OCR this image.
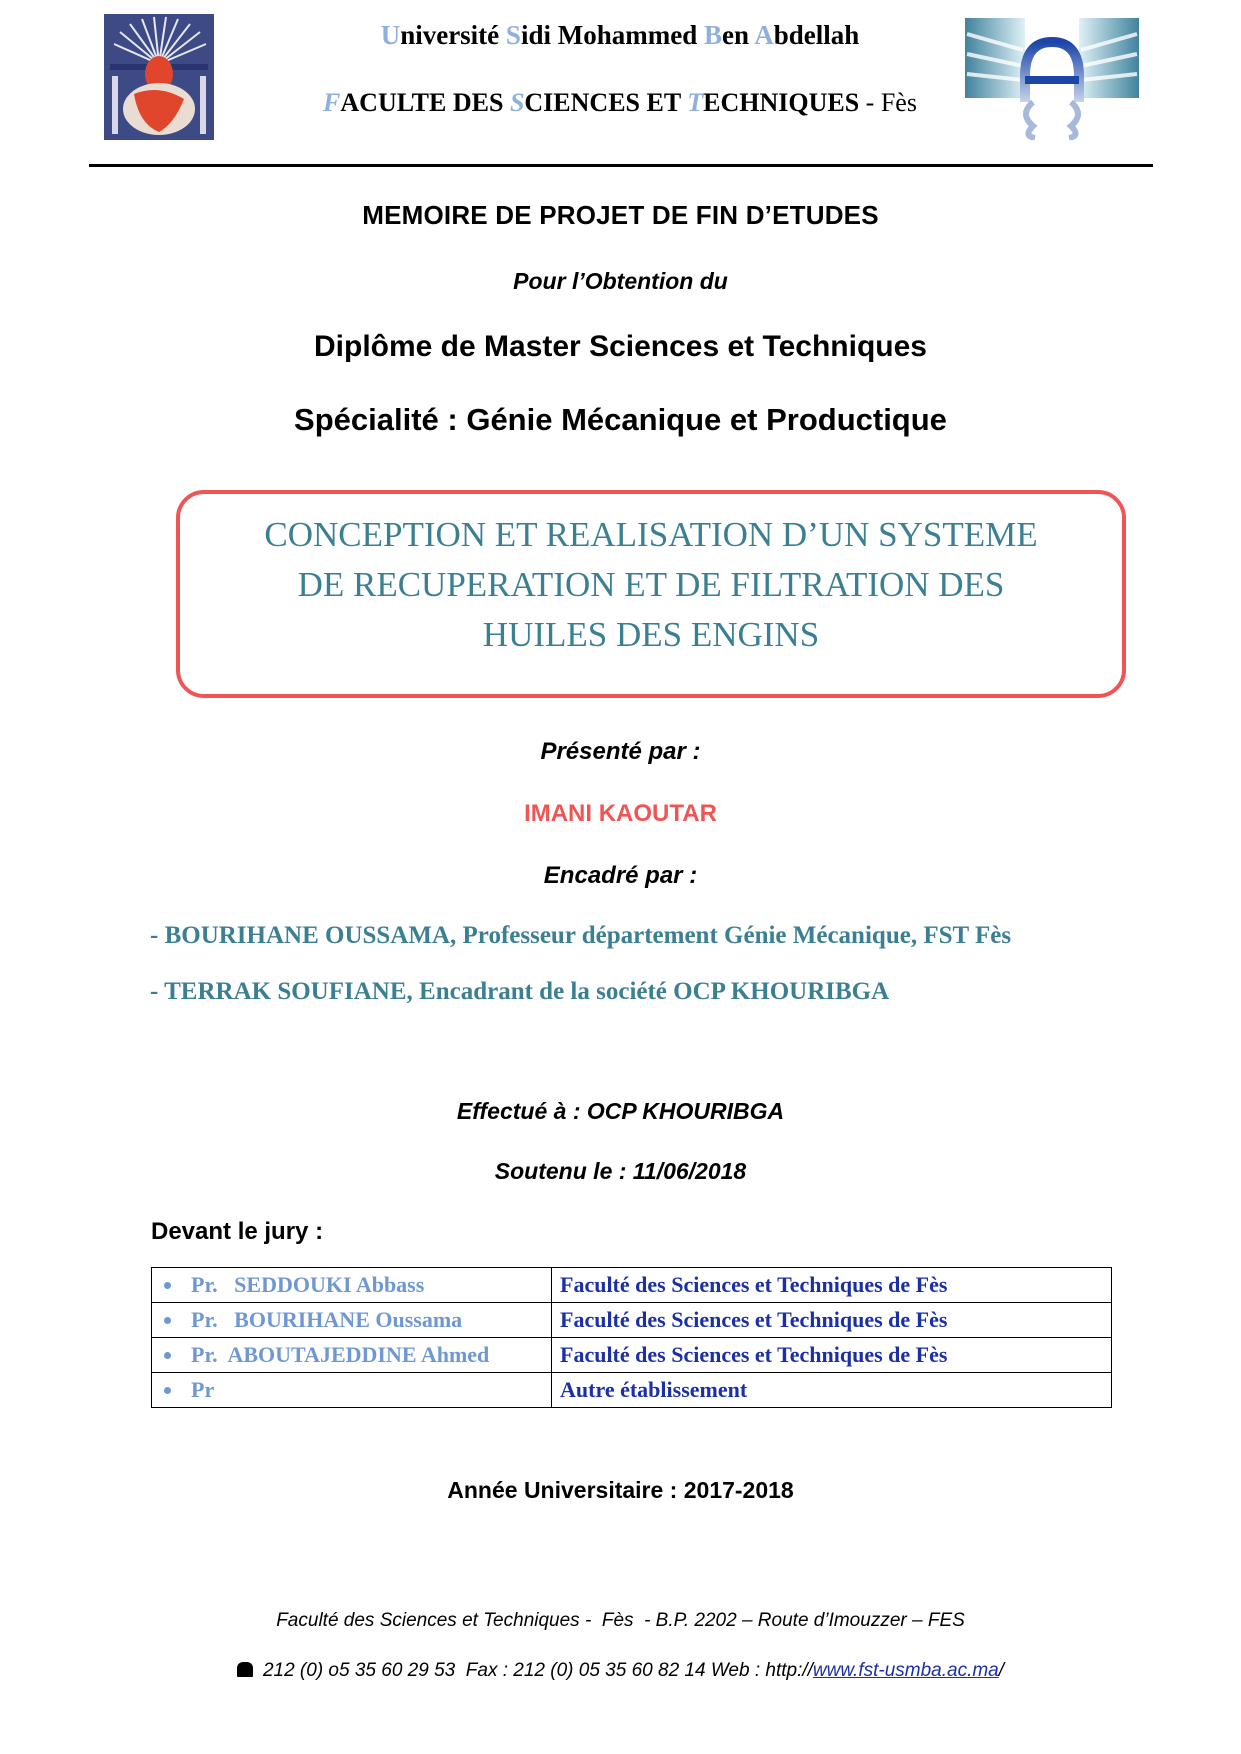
Université Sidi Mohammed Ben Abdellah
FACULTE DES SCIENCES ET TECHNIQUES - Fès
MEMOIRE DE PROJET DE FIN D’ETUDES
Pour l’Obtention du
Diplôme de Master Sciences et Techniques
Spécialité : Génie Mécanique et Productique
CONCEPTION ET REALISATION D’UN SYSTEME
DE RECUPERATION ET DE FILTRATION DES
HUILES DES ENGINS
Présenté par :
IMANI KAOUTAR
Encadré par :
- BOURIHANE OUSSAMA, Professeur département Génie Mécanique, FST Fès
- TERRAK SOUFIANE, Encadrant de la société OCP KHOURIBGA
Effectué à : OCP KHOURIBGA
Soutenu le : 11/06/2018
Devant le jury :
Pr.   SEDDOUKI Abbass	Faculté des Sciences et Techniques de Fès
Pr.   BOURIHANE Oussama	Faculté des Sciences et Techniques de Fès
Pr.  ABOUTAJEDDINE Ahmed	Faculté des Sciences et Techniques de Fès
Pr	Autre établissement
Année Universitaire : 2017-2018
Faculté des Sciences et Techniques -  Fès  - B.P. 2202 – Route d’Imouzzer – FES
212 (0) o5 35 60 29 53  Fax : 212 (0) 05 35 60 82 14 Web : http://www.fst-usmba.ac.ma/
